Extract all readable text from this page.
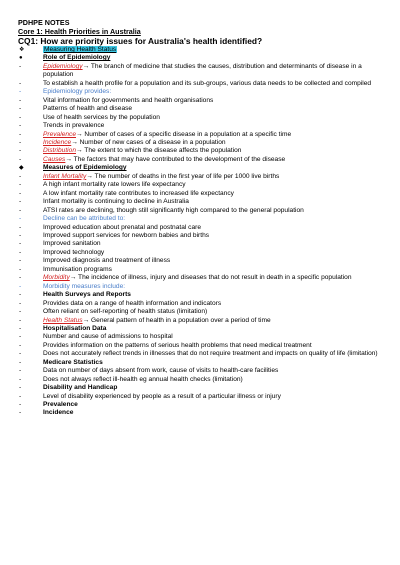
PDHPE NOTES
Core 1: Health Priorities in Australia
CQ1: How are priority issues for Australia's health identified?
❖	Measuring Health Status
●	Role of Epidemiology
-	Epidemiology→ The branch of medicine that studies the causes, distribution and determinants of disease in a population
-	To establish a health profile for a population and its sub-groups, various data needs to be collected and compiled
-	Epidemiology provides:
-	Vital information for governments and health organisations
-	Patterns of health and disease
-	Use of health services by the population
-	Trends in prevalence
-	Prevalence→ Number of cases of a specific disease in a population at a specific time
-	Incidence→ Number of new cases of a disease in a population
-	Distribution→ The extent to which the disease affects the population
-	Causes→ The factors that may have contributed to the development of the disease
◆	Measures of Epidemiology
-	Infant Mortality→ The number of deaths in the first year of life per 1000 live births
-	A high infant mortality rate lowers life expectancy
-	A low infant mortality rate contributes to increased life expectancy
-	Infant mortality is continuing to decline in Australia
-	ATSI rates are declining, though still significantly high compared to the general population
-	Decline can be attributed to:
-	Improved education about prenatal and postnatal care
-	Improved support services for newborn babies and births
-	Improved sanitation
-	Improved technology
-	Improved diagnosis and treatment of illness
-	Immunisation programs
-	Morbidity→ The incidence of illness, injury and diseases that do not result in death in a specific population
-	Morbidity measures include:
-	Health Surveys and Reports
-	Provides data on a range of health information and indicators
-	Often reliant on self-reporting of health status (limitation)
-	Health Status→ General pattern of health in a population over a period of time
-	Hospitalisation Data
-	Number and cause of admissions to hospital
-	Provides information on the patterns of serious health problems that need medical treatment
-	Does not accurately reflect trends in illnesses that do not require treatment and impacts on quality of life (limitation)
-	Medicare Statistics
-	Data on number of days absent from work, cause of visits to health-care facilities
-	Does not always reflect ill-health eg annual health checks (limitation)
-	Disability and Handicap
-	Level of disability experienced by people as a result of a particular illness or injury
-	Prevalence
-	Incidence
